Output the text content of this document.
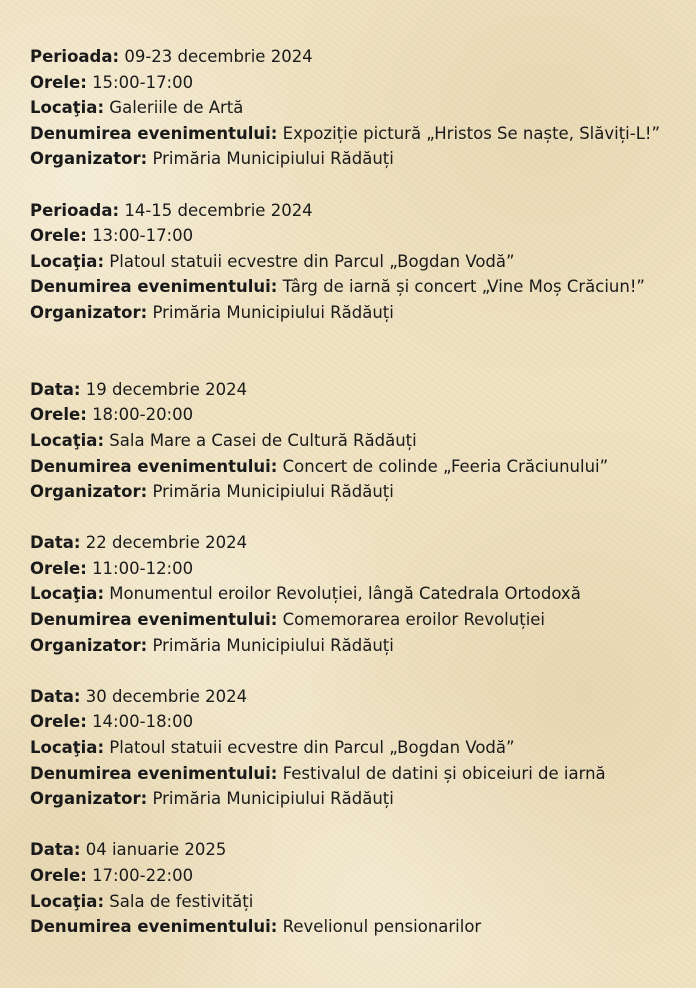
Perioada: 09-23 decembrie 2024
Orele: 15:00-17:00
Locaţia: Galeriile de Artă
Denumirea evenimentului: Expoziție pictură „Hristos Se naște, Slăviți-L!”
Organizator: Primăria Municipiului Rădăuți
Perioada: 14-15 decembrie 2024
Orele: 13:00-17:00
Locaţia: Platoul statuii ecvestre din Parcul „Bogdan Vodă”
Denumirea evenimentului: Târg de iarnă și concert „Vine Moș Crăciun!”
Organizator: Primăria Municipiului Rădăuți
Data: 19 decembrie 2024
Orele: 18:00-20:00
Locaţia: Sala Mare a Casei de Cultură Rădăuți
Denumirea evenimentului: Concert de colinde „Feeria Crăciunului”
Organizator: Primăria Municipiului Rădăuți
Data: 22 decembrie 2024
Orele: 11:00-12:00
Locaţia: Monumentul eroilor Revoluției, lângă Catedrala Ortodoxă
Denumirea evenimentului: Comemorarea eroilor Revoluției
Organizator: Primăria Municipiului Rădăuți
Data: 30 decembrie 2024
Orele: 14:00-18:00
Locaţia: Platoul statuii ecvestre din Parcul „Bogdan Vodă”
Denumirea evenimentului: Festivalul de datini și obiceiuri de iarnă
Organizator: Primăria Municipiului Rădăuți
Data: 04 ianuarie 2025
Orele: 17:00-22:00
Locaţia: Sala de festivități
Denumirea evenimentului: Revelionul pensionarilor
